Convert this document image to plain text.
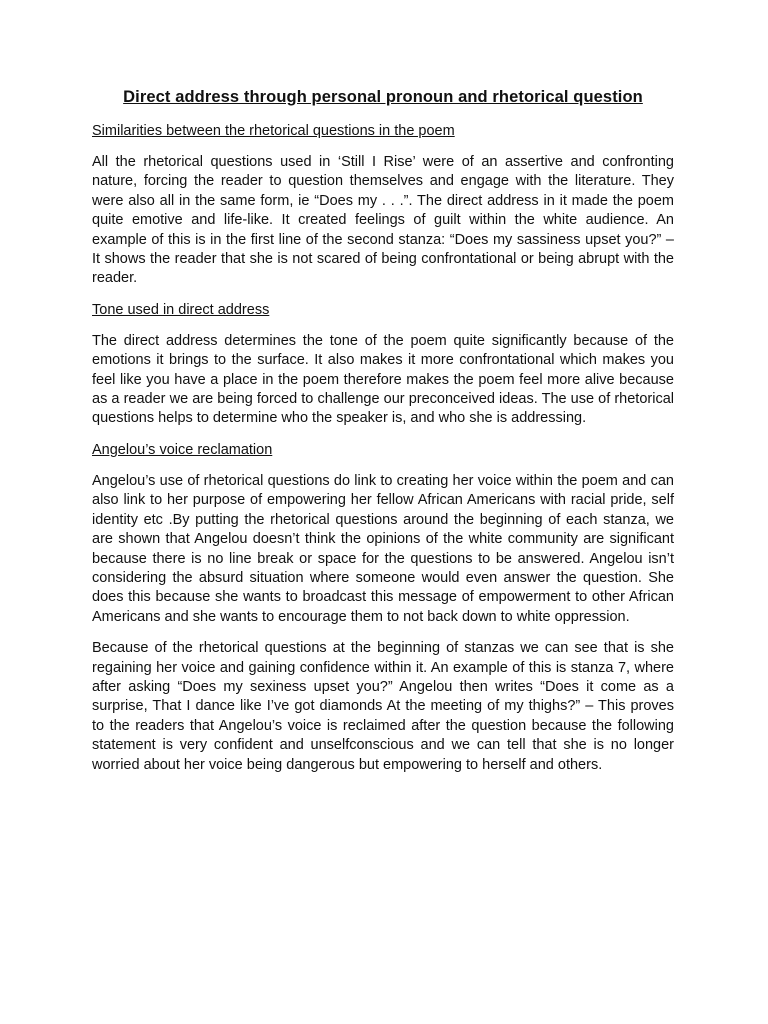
Direct address through personal pronoun and rhetorical question
Similarities between the rhetorical questions in the poem

All the rhetorical questions used in ‘Still I Rise’ were of an assertive and confronting nature, forcing the reader to question themselves and engage with the literature. They were also all in the same form, ie “Does my . . .”. The direct address in it made the poem quite emotive and life-like. It created feelings of guilt within the white audience. An example of this is in the first line of the second stanza: “Does my sassiness upset you?” – It shows the reader that she is not scared of being confrontational or being abrupt with the reader.

Tone used in direct address

The direct address determines the tone of the poem quite significantly because of the emotions it brings to the surface. It also makes it more confrontational which makes you feel like you have a place in the poem therefore makes the poem feel more alive because as a reader we are being forced to challenge our preconceived ideas. The use of rhetorical questions helps to determine who the speaker is, and who she is addressing.

Angelou’s voice reclamation

Angelou’s use of rhetorical questions do link to creating her voice within the poem and can also link to her purpose of empowering her fellow African Americans with racial pride, self identity etc .By putting the rhetorical questions around the beginning of each stanza, we are shown that Angelou doesn’t think the opinions of the white community are significant because there is no line break or space for the questions to be answered. Angelou isn’t considering the absurd situation where someone would even answer the question. She does this because she wants to broadcast this message of empowerment to other African Americans and she wants to encourage them to not back down to white oppression.

Because of the rhetorical questions at the beginning of stanzas we can see that is she regaining her voice and gaining confidence within it. An example of this is stanza 7, where after asking “Does my sexiness upset you?” Angelou then writes “Does it come as a surprise, That I dance like I’ve got diamonds At the meeting of my thighs?” – This proves to the readers that Angelou’s voice is reclaimed after the question because the following statement is very confident and unselfconscious and we can tell that she is no longer worried about her voice being dangerous but empowering to herself and others.
